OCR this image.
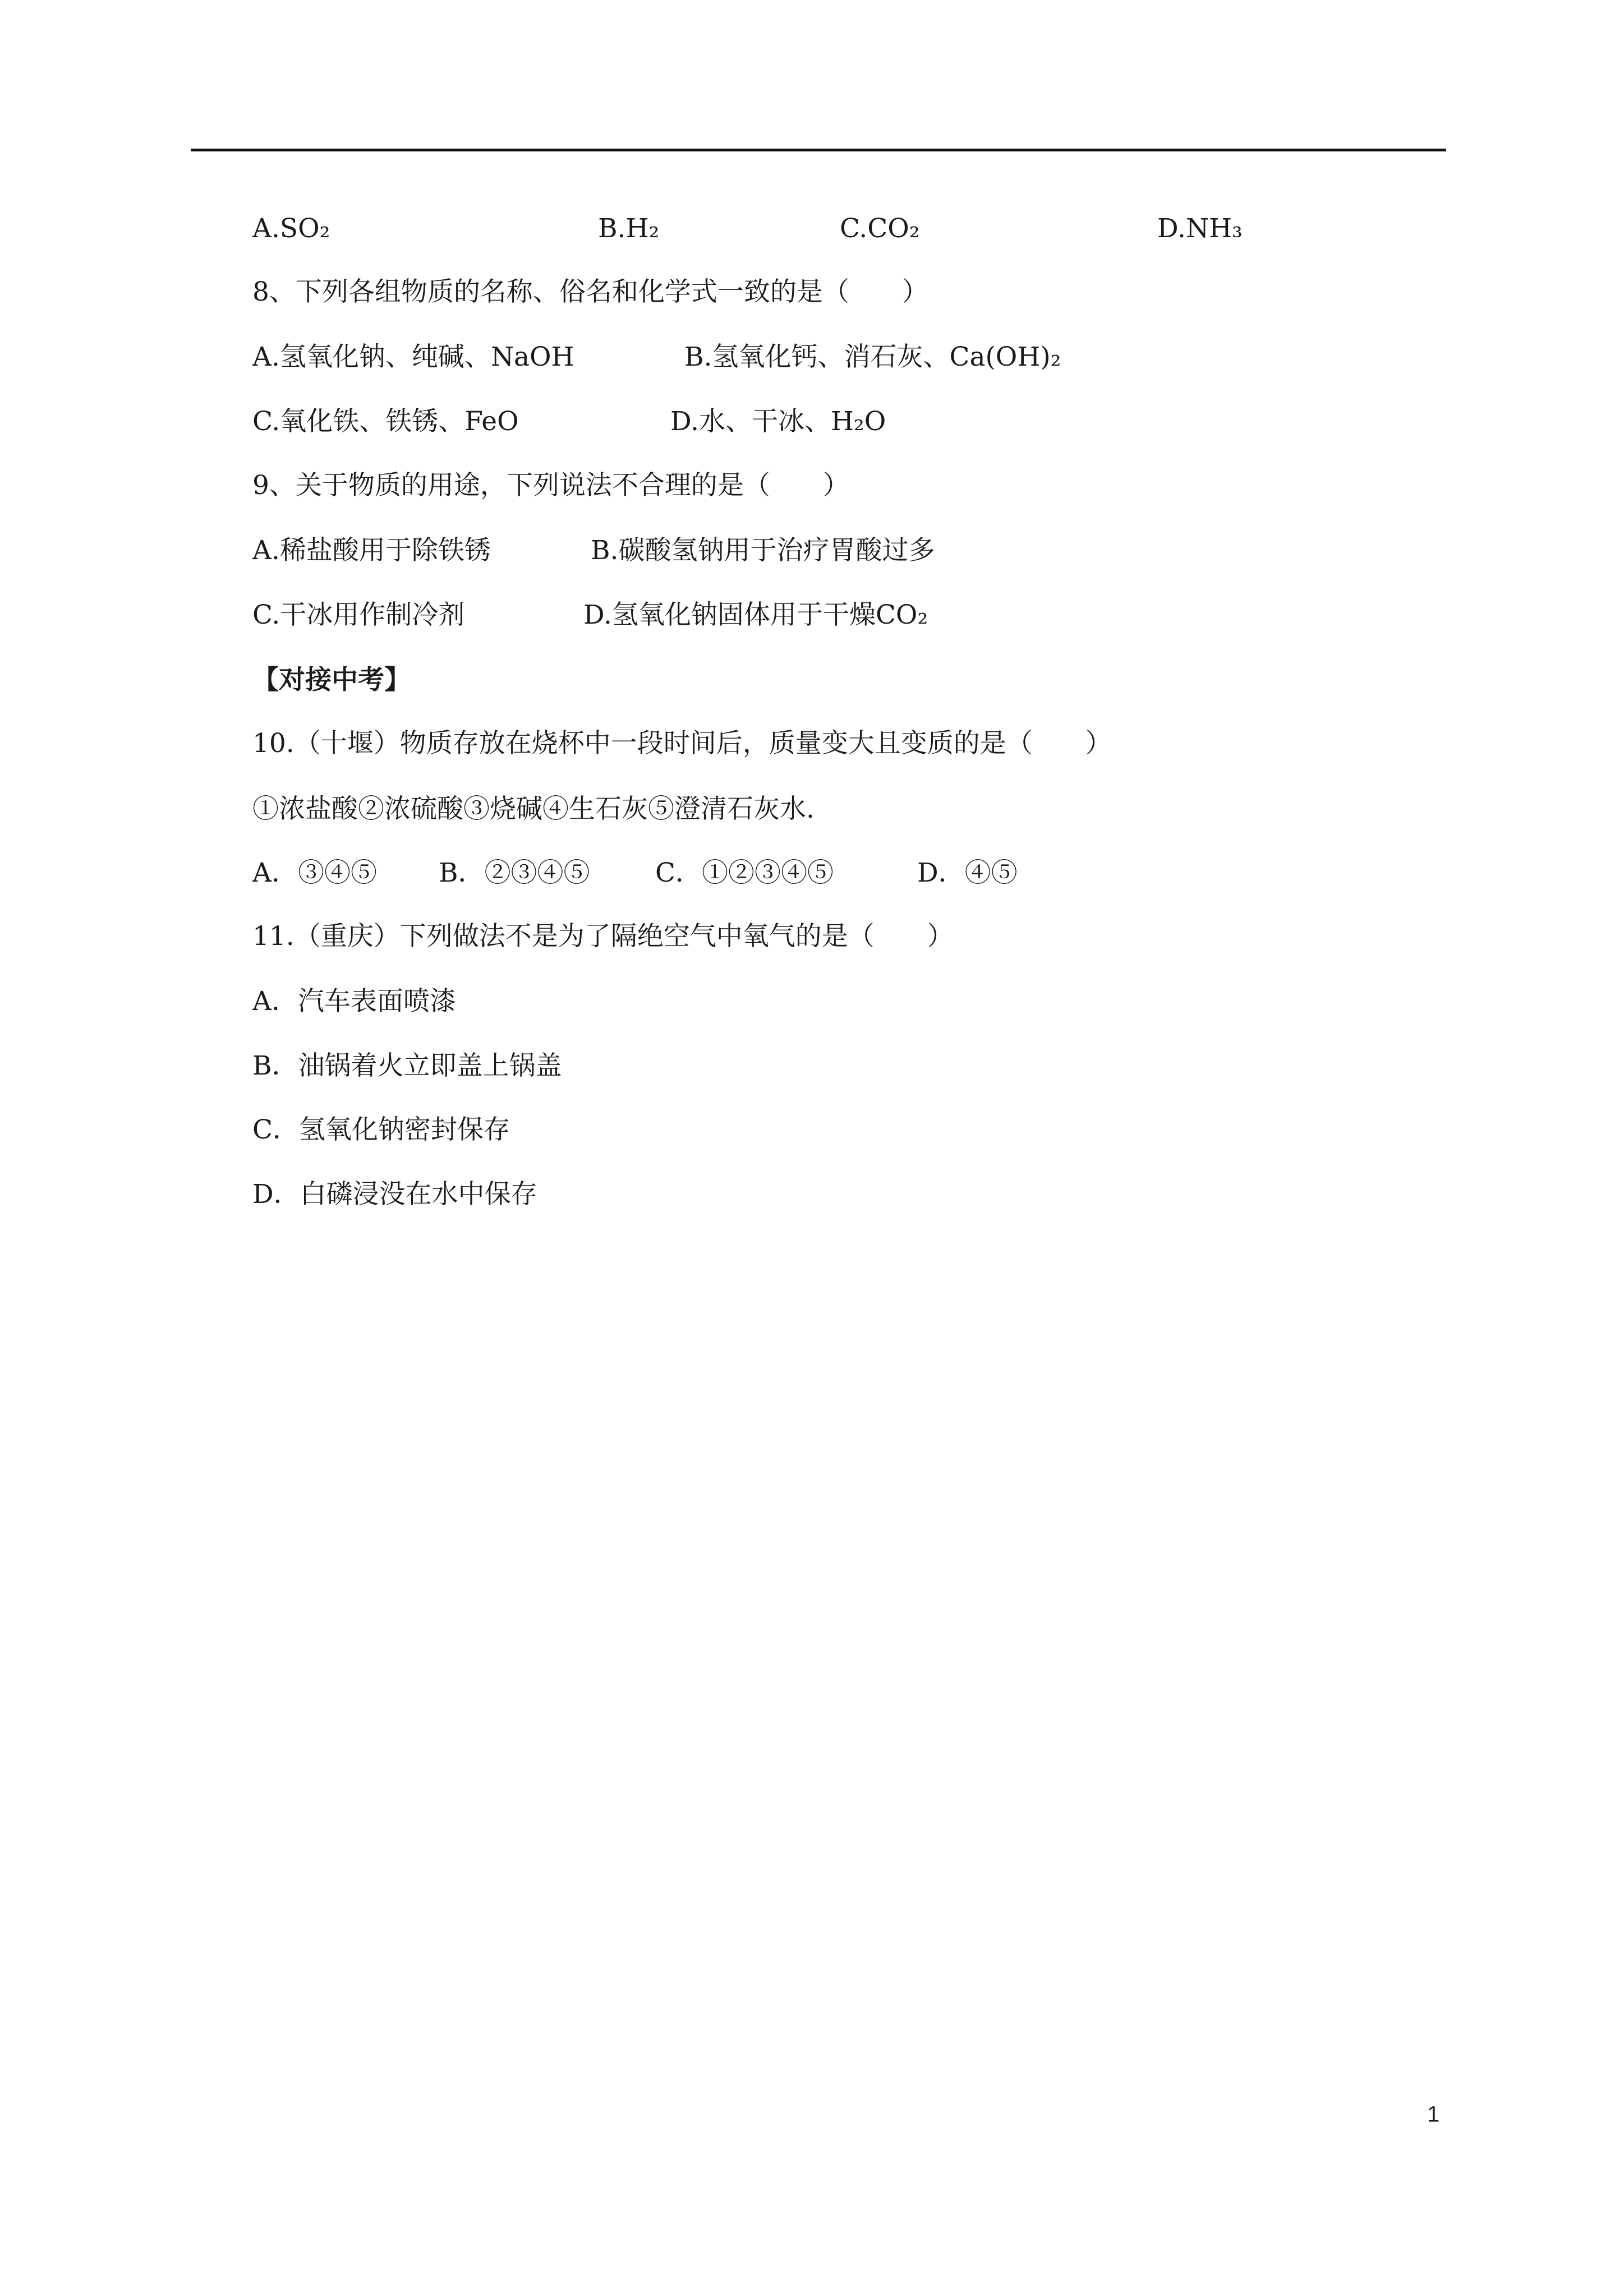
A.SO₂	B.H₂	C.CO₂	D.NH₃
8、下列各组物质的名称、俗名和化学式一致的是（　　）
A.氢氧化钠、纯碱、NaOH	B.氢氧化钙、消石灰、Ca(OH)₂
C.氧化铁、铁锈、FeO	D.水、干冰、H₂O
9、关于物质的用途，下列说法不合理的是（　　）
A.稀盐酸用于除铁锈	B.碳酸氢钠用于治疗胃酸过多
C.干冰用作制冷剂	D.氢氧化钠固体用于干燥CO₂
【对接中考】
10.（十堰）物质存放在烧杯中一段时间后，质量变大且变质的是（　　）
①浓盐酸②浓硫酸③烧碱④生石灰⑤澄清石灰水.
A．③④⑤ B．②③④⑤ C．①②③④⑤	D．④⑤
11.（重庆）下列做法不是为了隔绝空气中氧气的是（　　）
A．汽车表面喷漆
B．油锅着火立即盖上锅盖
C．氢氧化钠密封保存
D．白磷浸没在水中保存
1
